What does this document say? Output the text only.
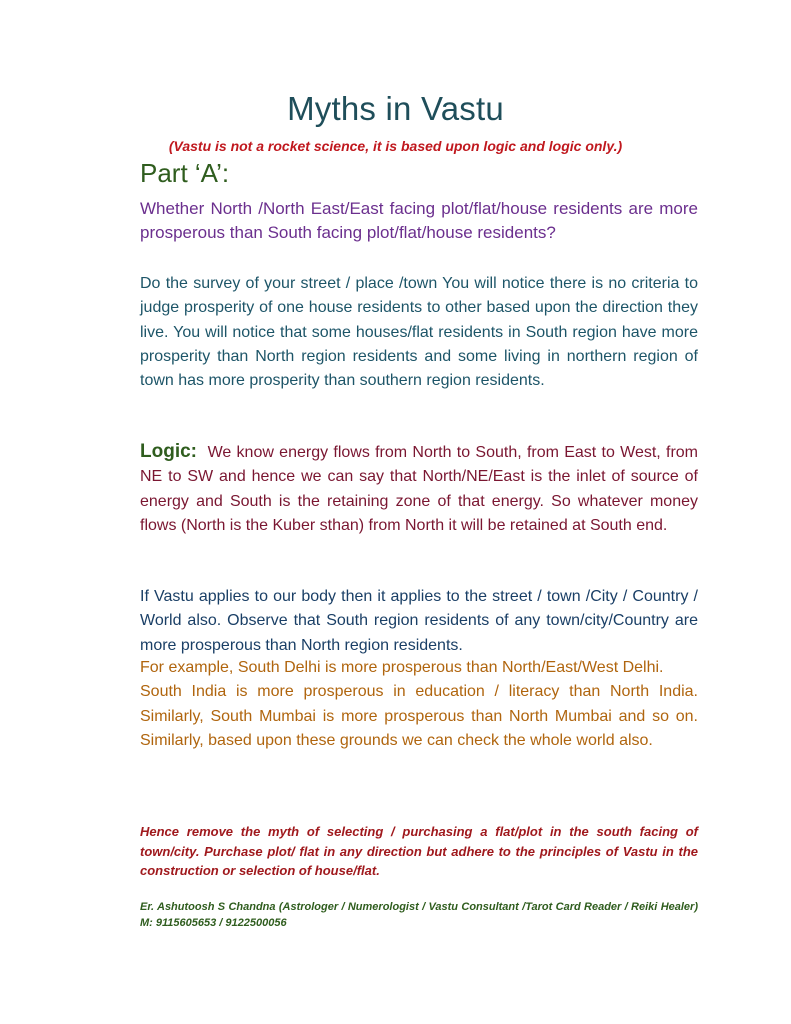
Myths in Vastu
(Vastu is not a rocket science, it is based upon logic and logic only.)
Part ‘A’:
Whether North /North East/East facing plot/flat/house residents are more prosperous than South facing plot/flat/house residents?
Do the survey of your street / place /town You will notice there is no criteria to judge prosperity of one house residents to other based upon the direction they live. You will notice that some houses/flat residents in South region have more prosperity than North region residents and some living in northern region of town has more prosperity than southern region residents.
Logic: We know energy flows from North to South, from East to West, from NE to SW and hence we can say that North/NE/East is the inlet of source of energy and South is the retaining zone of that energy. So whatever money flows (North is the Kuber sthan) from North it will be retained at South end.
If Vastu applies to our body then it applies to the street / town /City / Country / World also. Observe that South region residents of any town/city/Country are more prosperous than North region residents.
For example, South Delhi is more prosperous than North/East/West Delhi.
South India is more prosperous in education / literacy than North India. Similarly, South Mumbai is more prosperous than North Mumbai and so on. Similarly, based upon these grounds we can check the whole world also.
Hence remove the myth of selecting / purchasing a flat/plot in the south facing of town/city. Purchase plot/ flat in any direction but adhere to the principles of Vastu in the construction or selection of house/flat.
Er. Ashutoosh S Chandna (Astrologer / Numerologist / Vastu Consultant /Tarot Card Reader / Reiki Healer) M: 9115605653 / 9122500056
